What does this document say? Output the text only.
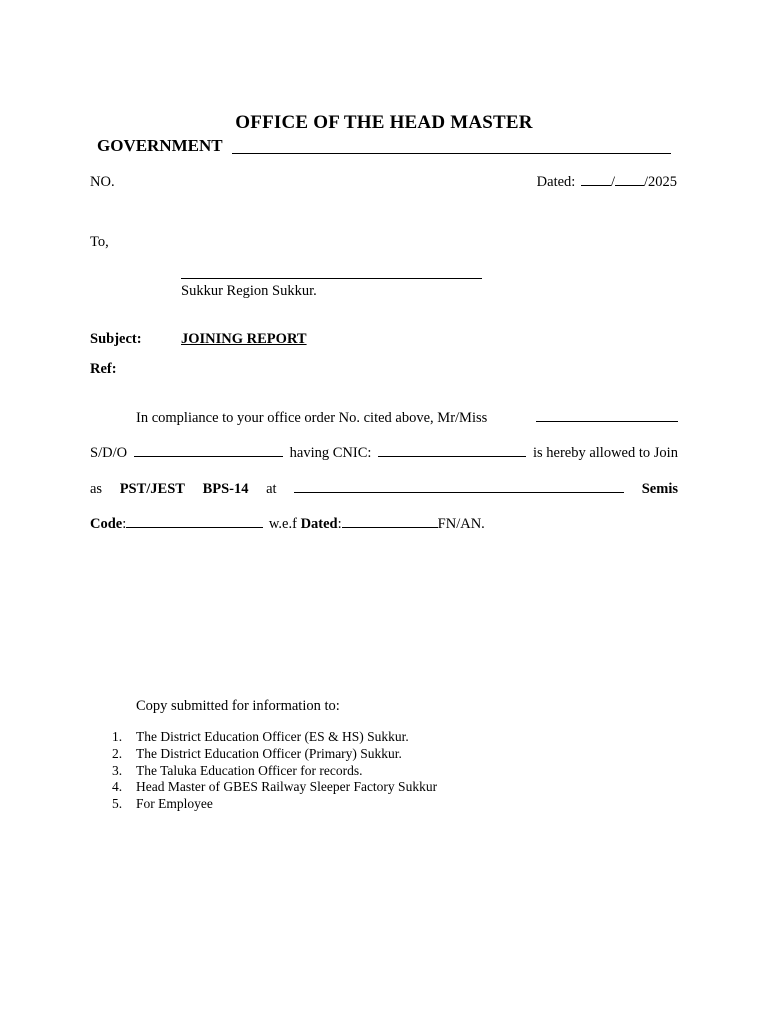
OFFICE OF THE HEAD MASTER
GOVERNMENT
NO.	Dated: / /2025
To,
Sukkur Region Sukkur.
Subject:	JOINING REPORT
Ref:
In compliance to your office order No. cited above, Mr/Miss
S/D/O	having CNIC:	is hereby allowed to Join
as PST/JEST BPS-14 at	Semis
Code:	w.e.f Dated:	FN/AN.
Copy submitted for information to:
1.	The District Education Officer (ES & HS) Sukkur.
2.	The District Education Officer (Primary) Sukkur.
3.	The Taluka Education Officer for records.
4.	Head Master of GBES Railway Sleeper Factory Sukkur
5.	For Employee
